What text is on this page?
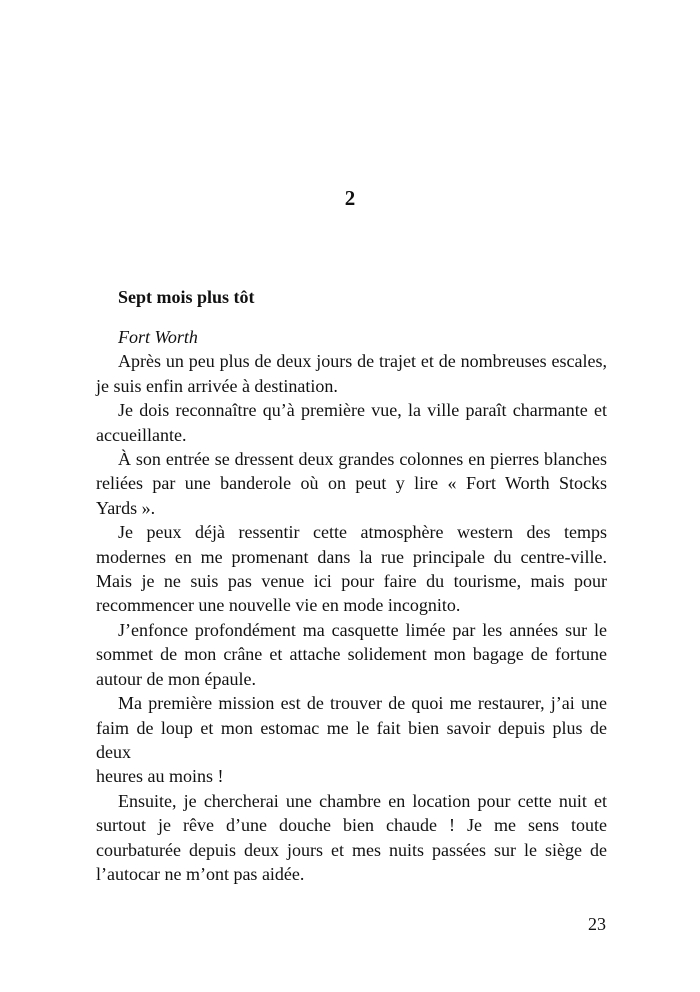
2
Sept mois plus tôt
Fort Worth
Après un peu plus de deux jours de trajet et de nombreuses escales,
je suis enfin arrivée à destination.
Je dois reconnaître qu’à première vue, la ville paraît charmante et
accueillante.
À son entrée se dressent deux grandes colonnes en pierres blanches
reliées par une banderole où on peut y lire « Fort Worth Stocks
Yards ».
Je peux déjà ressentir cette atmosphère western des temps
modernes en me promenant dans la rue principale du centre-ville.
Mais je ne suis pas venue ici pour faire du tourisme, mais pour
recommencer une nouvelle vie en mode incognito.
J’enfonce profondément ma casquette limée par les années sur le
sommet de mon crâne et attache solidement mon bagage de fortune
autour de mon épaule.
Ma première mission est de trouver de quoi me restaurer, j’ai une
faim de loup et mon estomac me le fait bien savoir depuis plus de deux
heures au moins !
Ensuite, je chercherai une chambre en location pour cette nuit et
surtout je rêve d’une douche bien chaude ! Je me sens toute
courbaturée depuis deux jours et mes nuits passées sur le siège de
l’autocar ne m’ont pas aidée.
23
